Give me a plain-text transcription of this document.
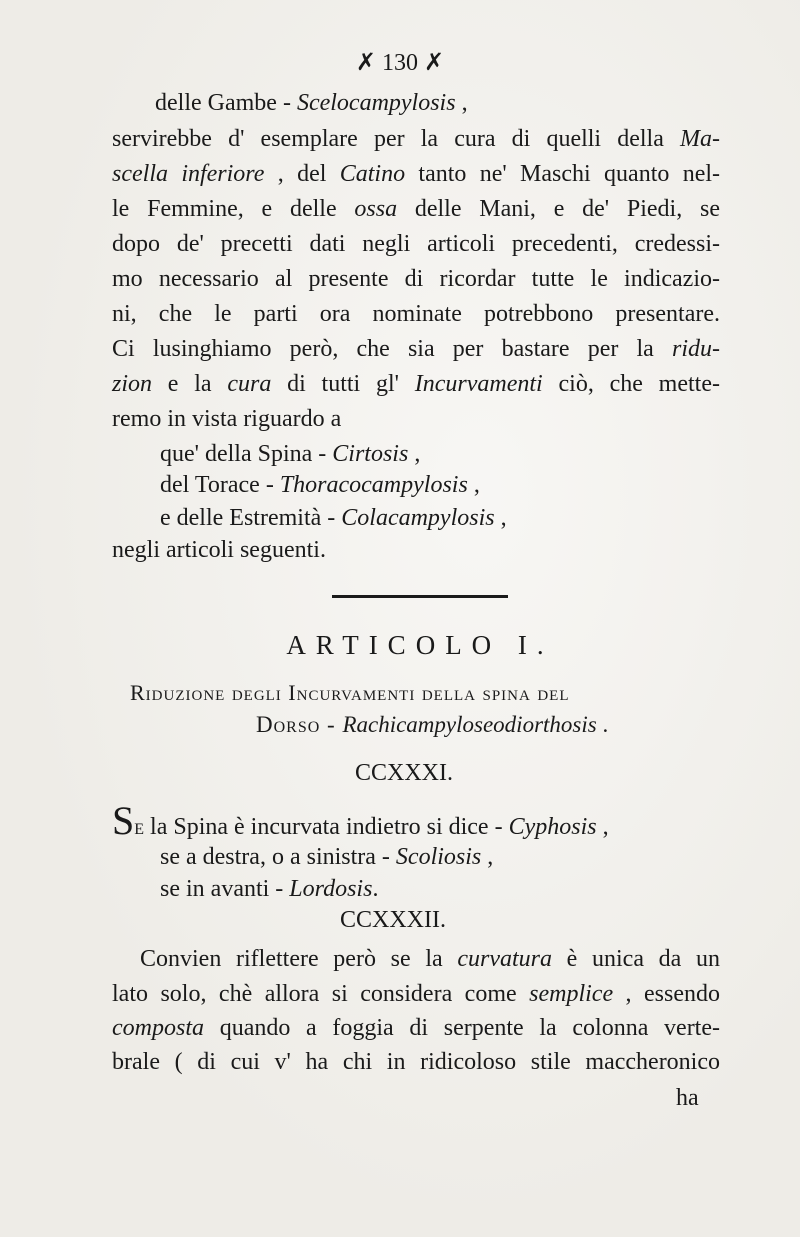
✗ 130 ✗
delle Gambe - Scelocampylosis ,
servirebbe d' esemplare per la cura di quelli della Ma-
scella inferiore , del Catino tanto ne' Maschi quanto nel-
le Femmine, e delle ossa delle Mani, e de' Piedi, se
dopo de' precetti dati negli articoli precedenti, credessi-
mo necessario al presente di ricordar tutte le indicazio-
ni, che le parti ora nominate potrebbono presentare.
Ci lusinghiamo però, che sia per bastare per la ridu-
zion e la cura di tutti gl' Incurvamenti ciò, che mette-
remo in vista riguardo a
que' della Spina - Cirtosis ,
del Torace - Thoracocampylosis ,
e delle Estremità - Colacampylosis ,
negli articoli seguenti.
ARTICOLO I.
Riduzione degli Incurvamenti della spina del
Dorso - Rachicampyloseodiorthosis .
CCXXXI.
SE la Spina è incurvata indietro si dice - Cyphosis ,
se a destra, o a sinistra - Scoliosis ,
se in avanti - Lordosis.
CCXXXII.
Convien riflettere però se la curvatura è unica da un
lato solo, chè allora si considera come semplice , essendo
composta quando a foggia di serpente la colonna verte-
brale ( di cui v' ha chi in ridicoloso stile maccheronico
ha
